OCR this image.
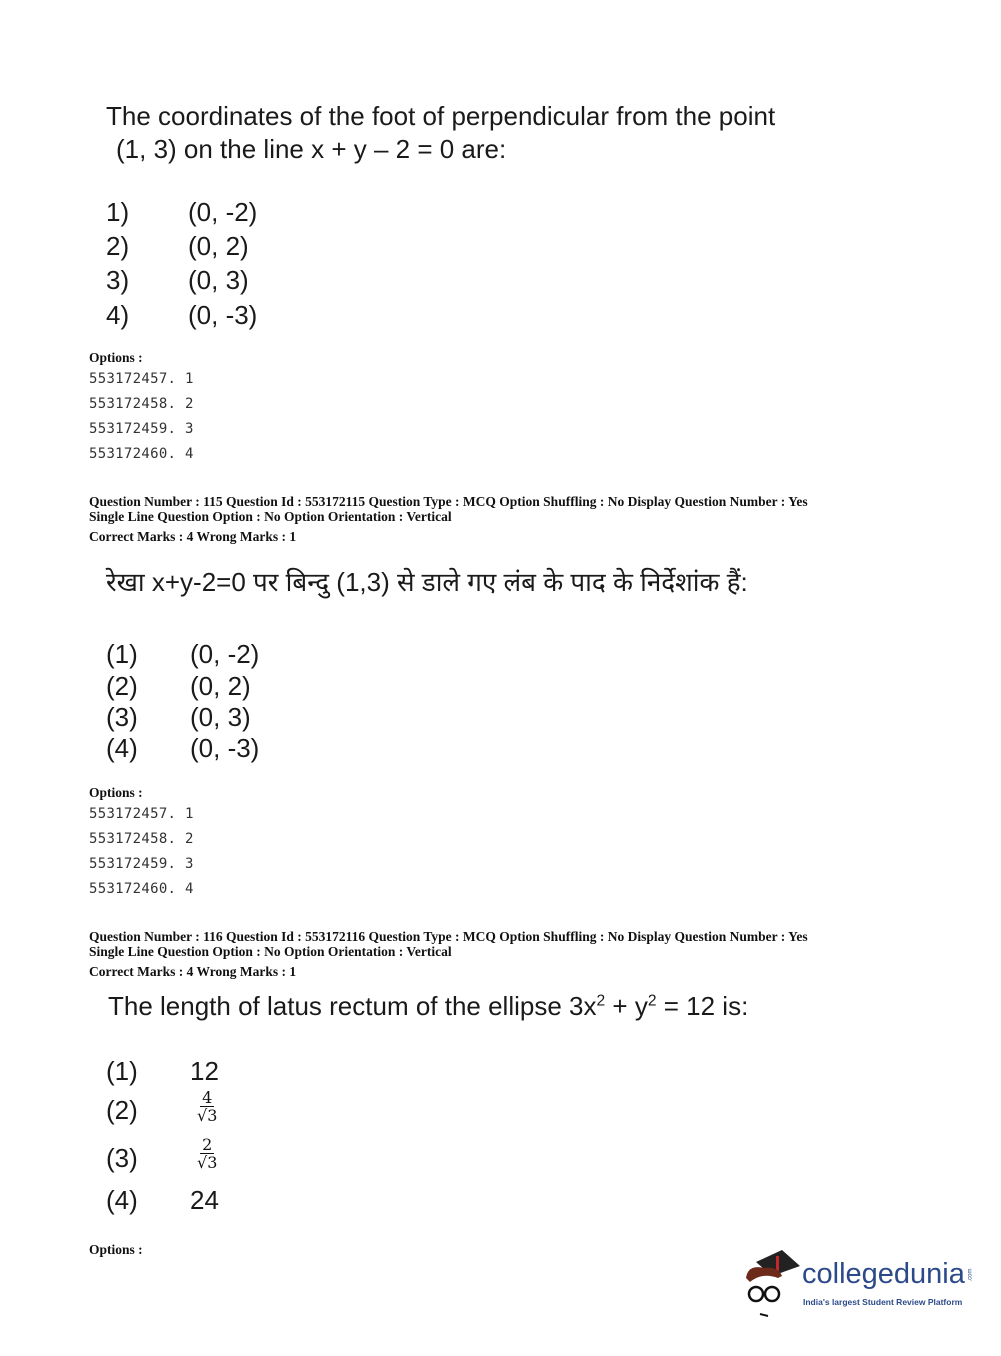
The coordinates of the foot of perpendicular from the point
(1, 3) on the line x + y – 2 = 0 are:
1) (0, -2)
2) (0, 2)
3) (0, 3)
4) (0, -3)
Options :
553172457. 1
553172458. 2
553172459. 3
553172460. 4
Question Number : 115 Question Id : 553172115 Question Type : MCQ Option Shuffling : No Display Question Number : Yes
Single Line Question Option : No Option Orientation : Vertical
Correct Marks : 4 Wrong Marks : 1
रेखा x+y-2=0 पर बिन्दु (1,3) से डाले गए लंब के पाद के निर्देशांक हैं:
(1) (0, -2)
(2) (0, 2)
(3) (0, 3)
(4) (0, -3)
Options :
553172457. 1
553172458. 2
553172459. 3
553172460. 4
Question Number : 116 Question Id : 553172116 Question Type : MCQ Option Shuffling : No Display Question Number : Yes
Single Line Question Option : No Option Orientation : Vertical
Correct Marks : 4 Wrong Marks : 1
The length of latus rectum of the ellipse $3x^2 + y^2 = 12$ is:
(1) 12
(2)	$\frac{4}{√3}$
(3)	$\frac{2}{√3}$
(4) 24
Options :
collegedunia .com
India's largest Student Review Platform
